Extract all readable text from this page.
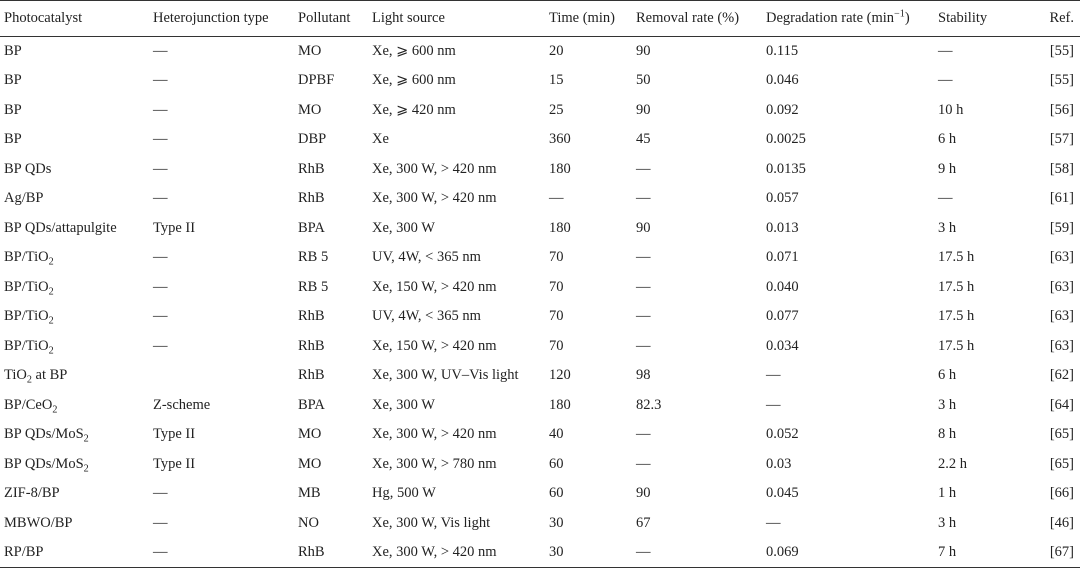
Photocatalyst	Heterojunction type	Pollutant	Light source	Time (min)	Removal rate (%)	Degradation rate $(\min^{-1})$	Stability	Ref.
BP	—	MO	Xe, ⩾ 600 nm	20	90	0.115	—	[55]
BP	—	DPBF	Xe, ⩾ 600 nm	15	50	0.046	—	[55]
BP	—	MO	Xe, ⩾ 420 nm	25	90	0.092	10 h	[56]
BP	—	DBP	Xe	360	45	0.0025	6 h	[57]
BP QDs	—	RhB	Xe, 300 W, > 420 nm	180	—	0.0135	9 h	[58]
Ag/BP	—	RhB	Xe, 300 W, > 420 nm	—	—	0.057	—	[61]
BP QDs/attapulgite	Type II	BPA	Xe, 300 W	180	90	0.013	3 h	[59]
BP/TiO$_2$	—	RB 5	UV, 4W, < 365 nm	70	—	0.071	17.5 h	[63]
BP/TiO$_2$	—	RB 5	Xe, 150 W, > 420 nm	70	—	0.040	17.5 h	[63]
BP/TiO$_2$	—	RhB	UV, 4W, < 365 nm	70	—	0.077	17.5 h	[63]
BP/TiO$_2$	—	RhB	Xe, 150 W, > 420 nm	70	—	0.034	17.5 h	[63]
TiO$_2$ at BP		RhB	Xe, 300 W, UV–Vis light	120	98	—	6 h	[62]
BP/CeO$_2$	Z-scheme	BPA	Xe, 300 W	180	82.3	—	3 h	[64]
BP QDs/MoS$_2$	Type II	MO	Xe, 300 W, > 420 nm	40	—	0.052	8 h	[65]
BP QDs/MoS$_2$	Type II	MO	Xe, 300 W, > 780 nm	60	—	0.03	2.2 h	[65]
ZIF-8/BP	—	MB	Hg, 500 W	60	90	0.045	1 h	[66]
MBWO/BP	—	NO	Xe, 300 W, Vis light	30	67	—	3 h	[46]
RP/BP	—	RhB	Xe, 300 W, > 420 nm	30	—	0.069	7 h	[67]
